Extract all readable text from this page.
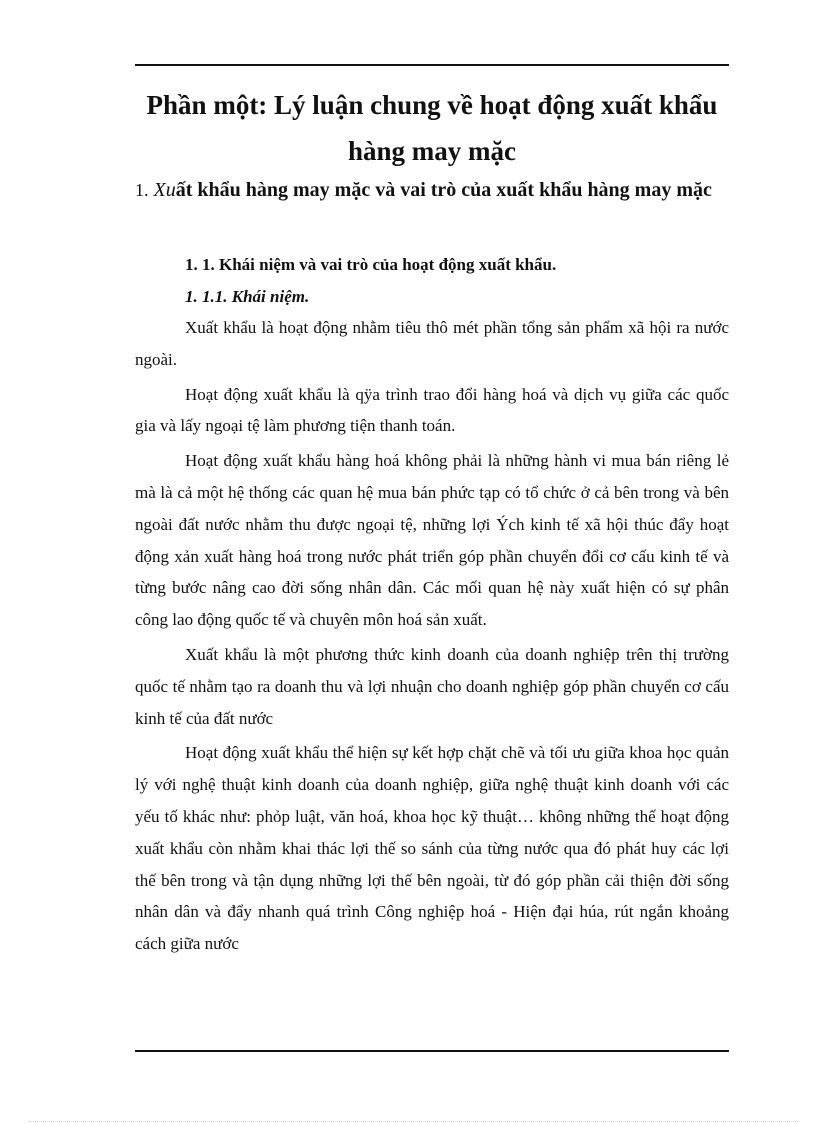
Phần một: Lý luận chung về hoạt động xuất khẩu hàng may mặc
1. Xuất khẩu hàng may mặc và vai trò của xuất khẩu hàng may mặc
1. 1. Khái niệm và vai trò của hoạt động xuất khẩu.
1. 1.1. Khái niệm.

Xuất khẩu là hoạt động nhằm tiêu thô mét phần tổng sản phẩm xã hội ra nước ngoài.

Hoạt động xuất khẩu là qÿa trình trao đổi hàng hoá và dịch vụ giữa các quốc gia và lấy ngoại tệ làm phương tiện thanh toán.

Hoạt động xuất khẩu hàng hoá không phải là những hành vi mua bán riêng lẻ mà là cả một hệ thống các quan hệ mua bán phức tạp có tổ chức ở cả bên trong và bên ngoài đất nước nhằm thu được ngoại tệ, những lợi Ých kinh tế xã hội thúc đẩy hoạt động xản xuất hàng hoá trong nước phát triển góp phần chuyển đổi cơ cấu kinh tế và từng bước nâng cao đời sống nhân dân. Các mối quan hệ này xuất hiện có sự phân công lao động quốc tế và chuyên môn hoá sản xuất.

Xuất khẩu là một phương thức kinh doanh của doanh nghiệp trên thị trường quốc tế nhằm tạo ra doanh thu và lợi nhuận cho doanh nghiệp góp phần chuyển cơ cấu kinh tế của đất nước

Hoạt động xuất khẩu thể hiện sự kết hợp chặt chẽ và tối ưu giữa khoa học quản lý với nghệ thuật kinh doanh của doanh nghiệp, giữa nghệ thuật kinh doanh với các yếu tố khác như: phỏp luật, văn hoá, khoa học kỹ thuật… không những thế hoạt động xuất khẩu còn nhằm khai thác lợi thế so sánh của từng nước qua đó phát huy các lợi thế bên trong và tận dụng những lợi thế bên ngoài, từ đó góp phần cải thiện đời sống nhân dân và đẩy nhanh quá trình Công nghiệp hoá - Hiện đại húa, rút ngắn khoảng cách giữa nước
